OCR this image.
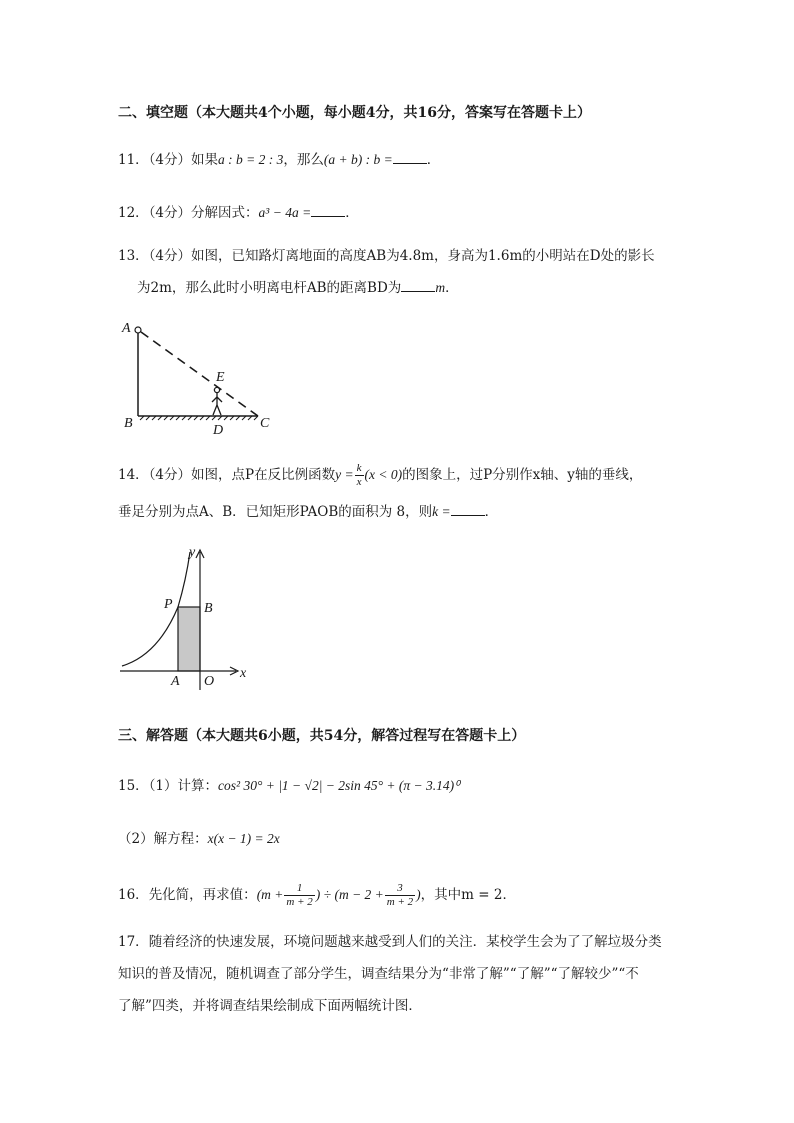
二、填空题（本大题共4个小题，每小题4分，共16分，答案写在答题卡上）
11．（4分）如果a : b = 2 : 3，那么(a + b) : b =	．
12．（4分）分解因式：a³ − 4a =	．
13．（4分）如图，已知路灯离地面的高度AB为4.8m，身高为1.6m的小明站在D处的影长
为2m，那么此时小明离电杆AB的距离BD为	m．
A
B	C
D
E
14．（4分）如图，点P在反比例函数$y = \frac{k}{x} (x < 0)$的图象上，过P分别作x轴、y轴的垂线，
垂足分别为点A、B．已知矩形PAOB的面积为 8，则k =	．
y
x
P B
A O
三、解答题（本大题共6小题，共54分，解答过程写在答题卡上）
15．（1）计算：cos² 30° + |1 − √2| − 2sin 45° + (π − 3.14)⁰
（2）解方程：x(x − 1) = 2x
16．先化简，再求值：($m + \frac{1}{m + 2}$ ) ÷ ($m - 2 + \frac{3}{m + 2}$ )，其中m = 2．
17．随着经济的快速发展，环境问题越来越受到人们的关注．某校学生会为了了解垃圾分类
知识的普及情况，随机调查了部分学生，调查结果分为“非常了解”“了解”“了解较少”“不
了解”四类，并将调查结果绘制成下面两幅统计图．
